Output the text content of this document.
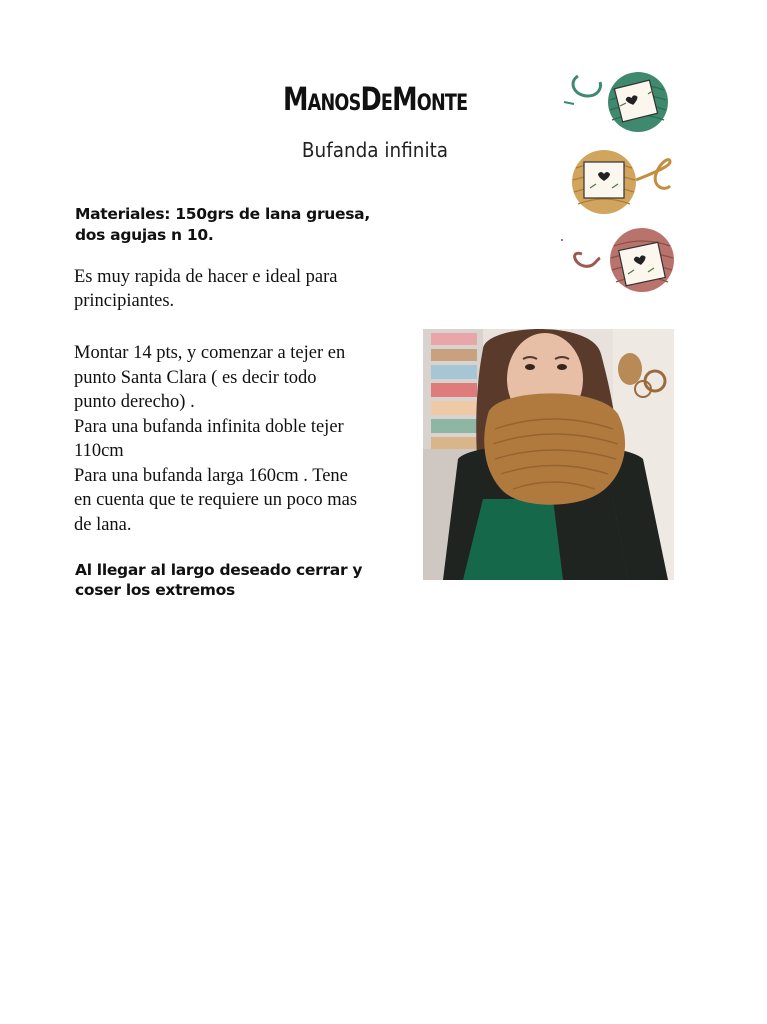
ManosDeMonte
Bufanda infinita
Materiales: 150grs de lana gruesa,
dos agujas n 10.
Es muy rapida de hacer e ideal para
principiantes.
Montar 14 pts, y comenzar a tejer en
punto Santa Clara ( es decir todo
punto derecho) .
Para una bufanda infinita doble tejer
110cm
Para una bufanda larga 160cm . Tene
en cuenta que te requiere un poco mas
de lana.
Al llegar al largo deseado cerrar y
coser los extremos
